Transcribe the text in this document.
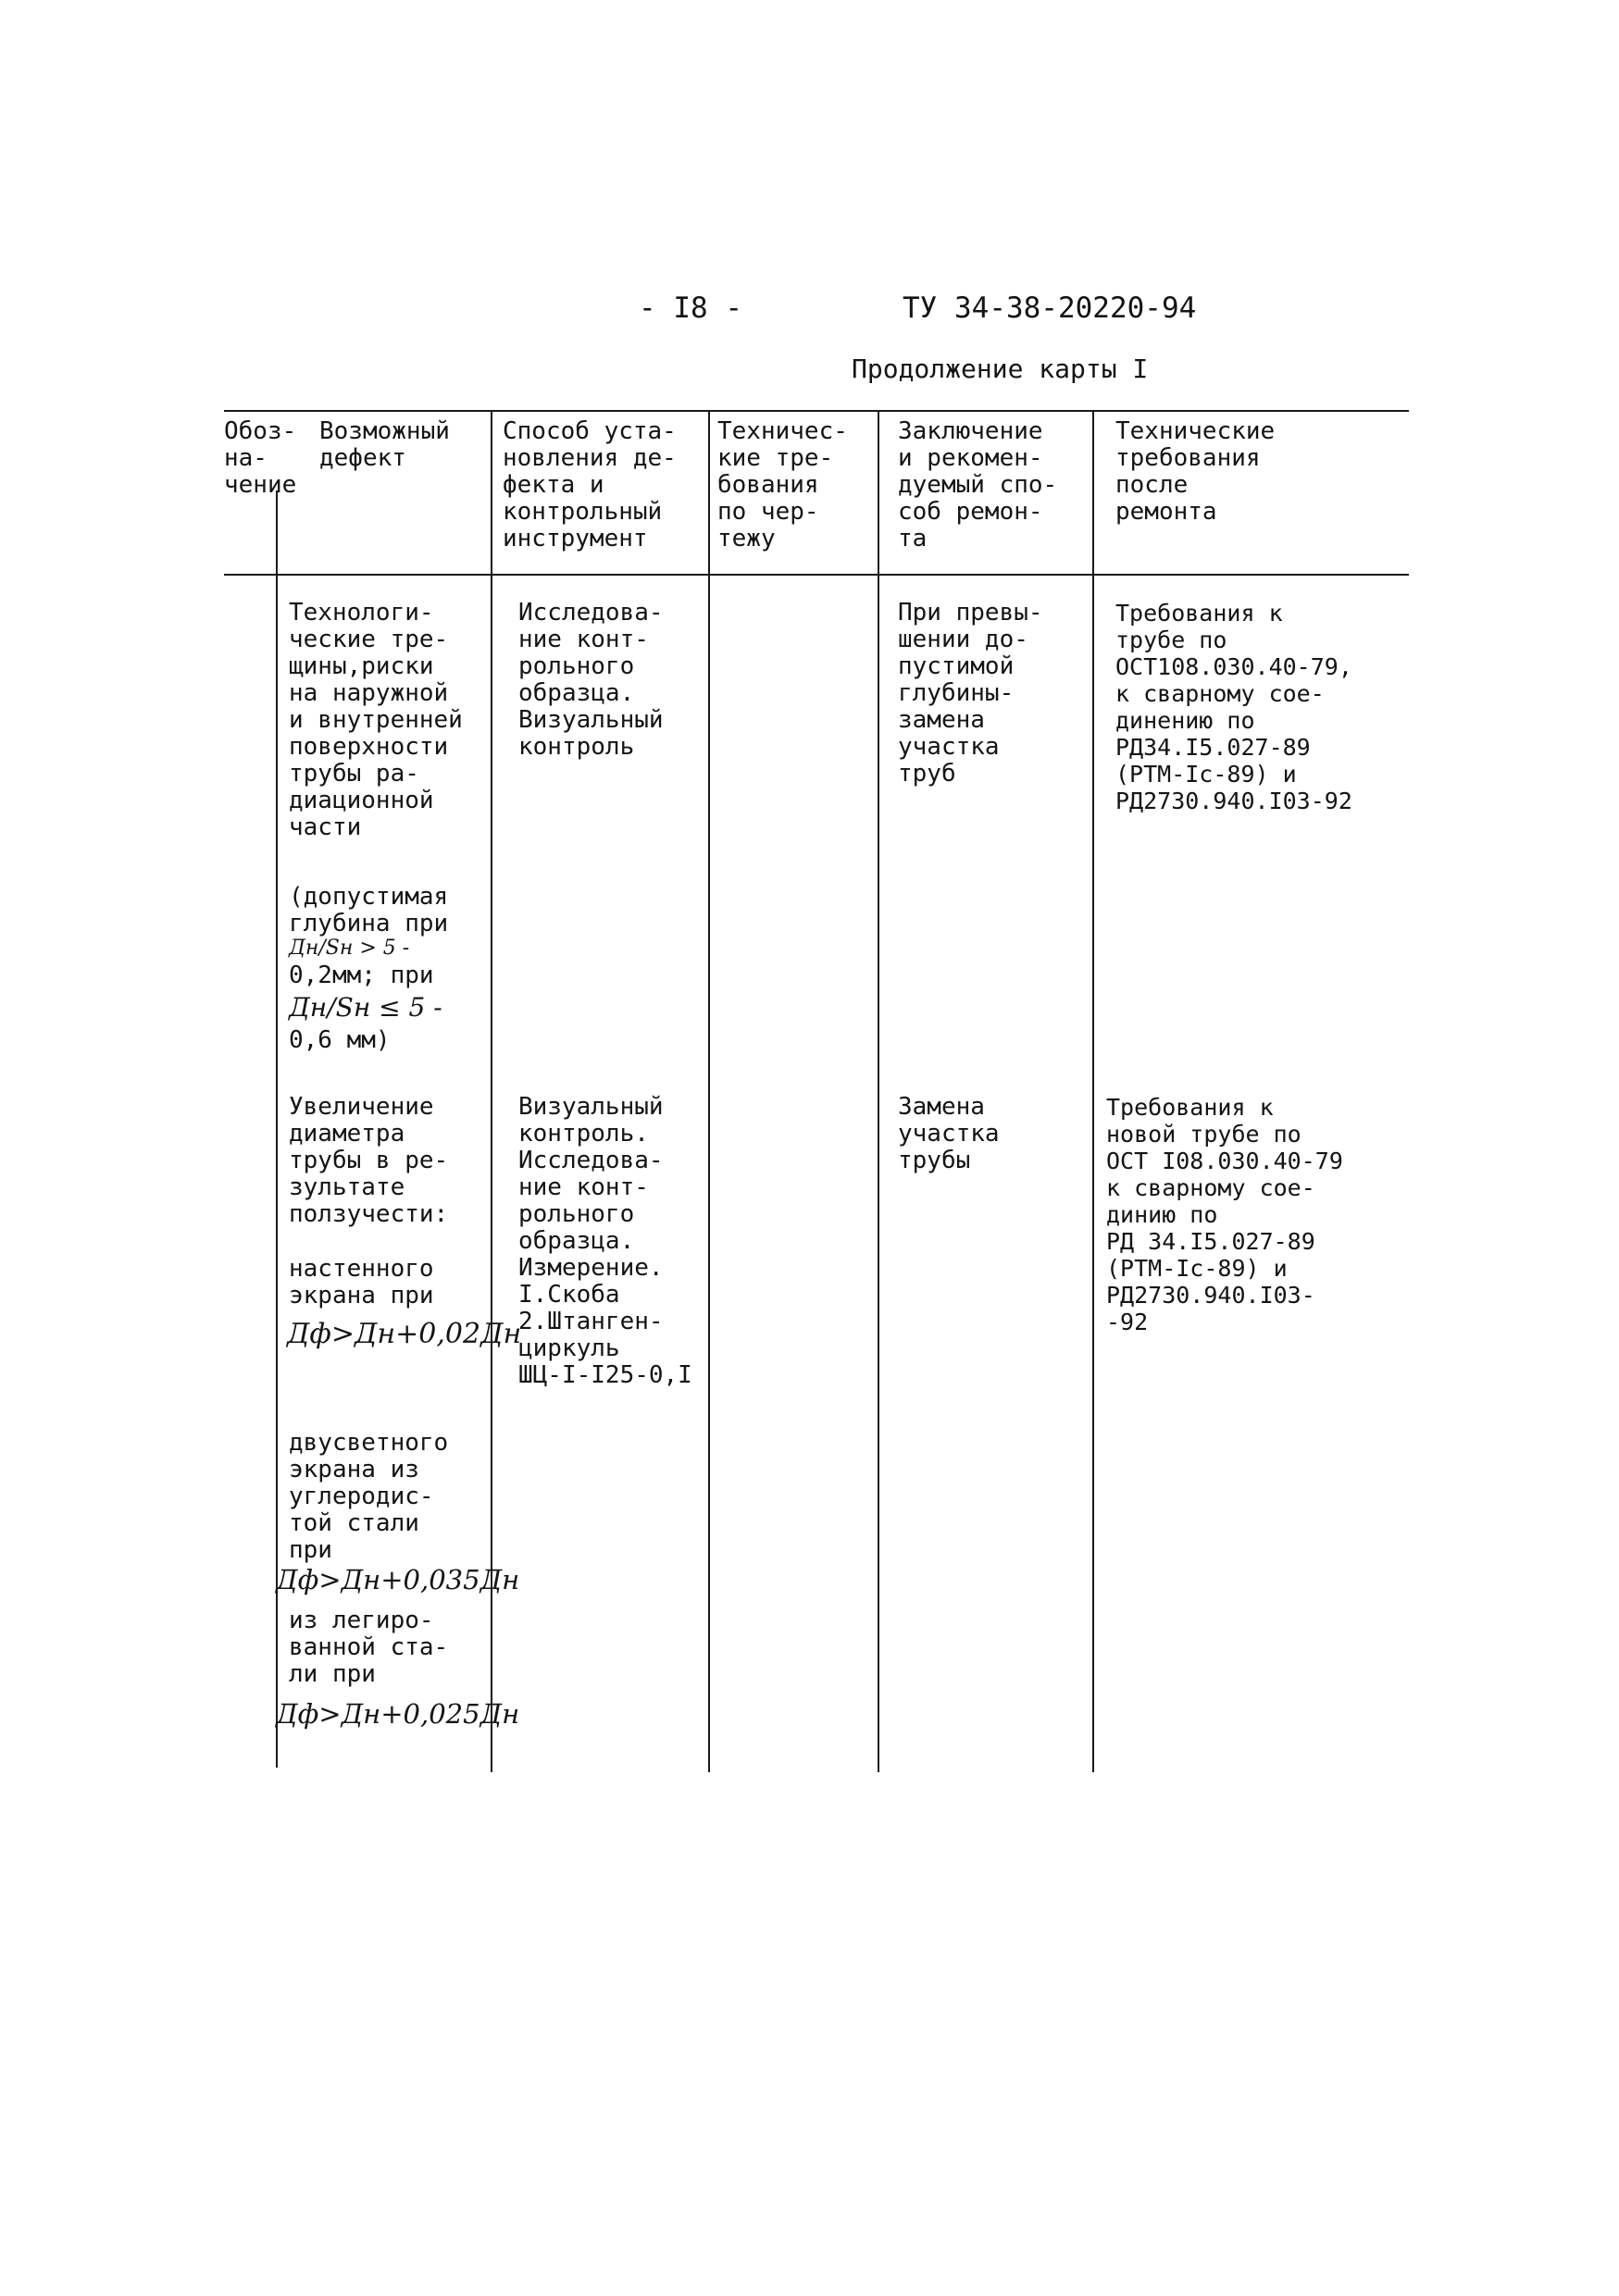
- I8 -	ТУ 34-38-20220-94
Продолжение карты I
Обоз-
на-
чение
Возможный
дефект
Способ уста-
новления де-
фекта и
контрольный
инструмент
Техничес-
кие тре-
бования
по чер-
тежу
Заключение
и рекомен-
дуемый спо-
соб ремон-
та
Технические
требования
после
ремонта
Технологи-
ческие тре-
щины,риски
на наружной
и внутренней
поверхности
трубы ра-
диационной
части
(допустимая
глубина при
Дн/Sн > 5 -
0,2мм; при
Дн/Sн ≤ 5 -
0,6 мм)
Исследова-
ние конт-
рольного
образца.
Визуальный
контроль
При превы-
шении до-
пустимой
глубины-
замена
участка
труб
Требования к
трубе по
ОСТ108.030.40-79,
к сварному сое-
динению по
РД34.I5.027-89
(РТМ-Iс-89) и
РД2730.940.I03-92
Увеличение
диаметра
трубы в ре-
зультате
ползучести:
настенного
экрана при
Дф>Дн+0,02Дн
двусветного
экрана из
углеродис-
той стали
при
Дф>Дн+0,035Дн
из легиро-
ванной ста-
ли при
Дф>Дн+0,025Дн
Визуальный
контроль.
Исследова-
ние конт-
рольного
образца.
Измерение.
I.Скоба
2.Штанген-
циркуль
ШЦ-I-I25-0,I
Замена
участка
трубы
Требования к
новой трубе по
ОСТ I08.030.40-79
к сварному сое-
динию по
РД 34.I5.027-89
(РТМ-Iс-89) и
РД2730.940.I03-
-92
